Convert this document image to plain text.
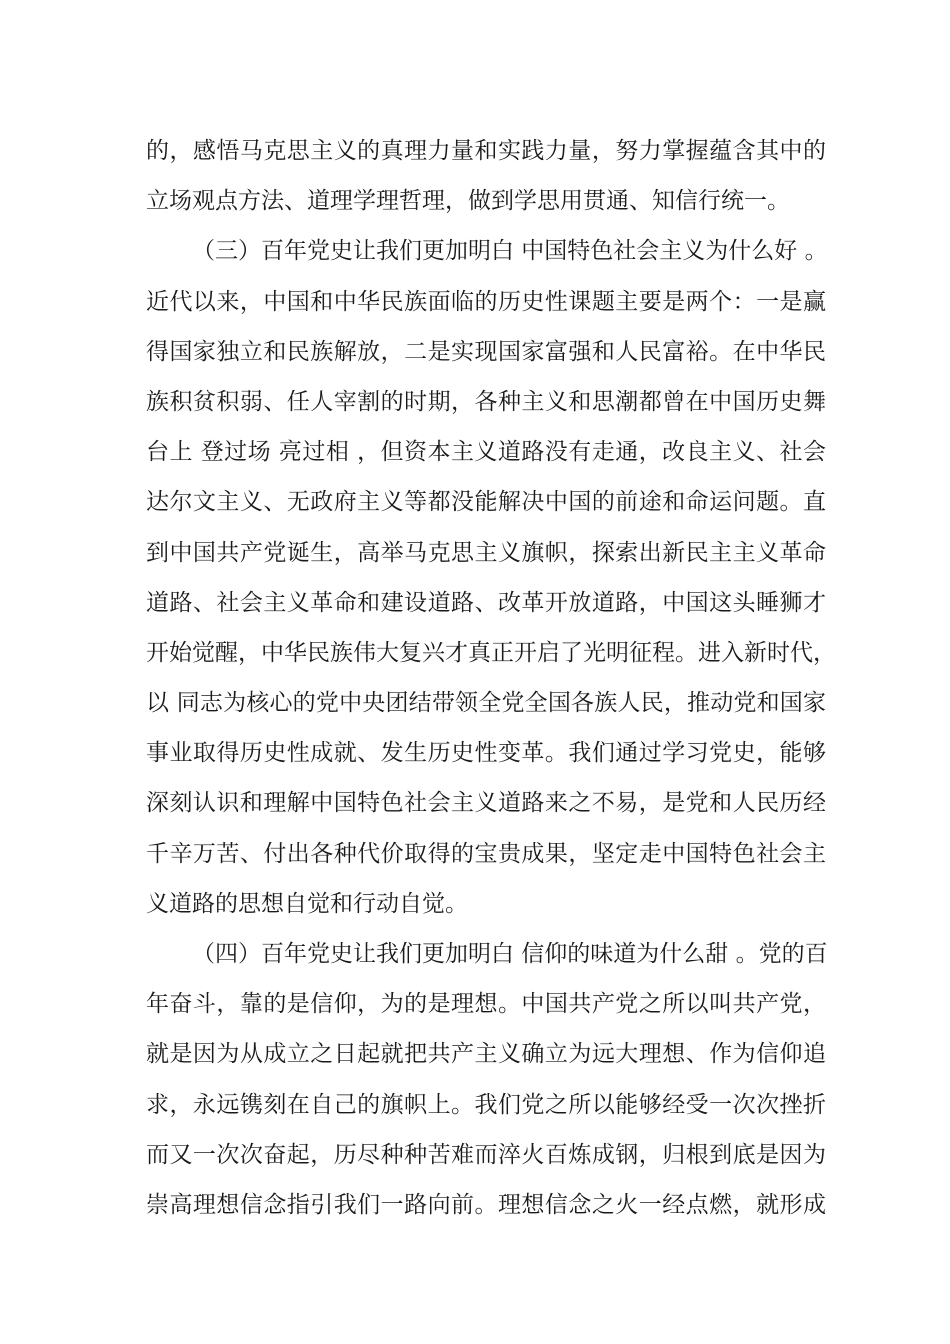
的，感悟马克思主义的真理力量和实践力量，努力掌握蕴含其中的
立场观点方法、道理学理哲理，做到学思用贯通、知信行统一。
（三）百年党史让我们更加明白 中国特色社会主义为什么好 。
近代以来，中国和中华民族面临的历史性课题主要是两个：一是赢
得国家独立和民族解放，二是实现国家富强和人民富裕。在中华民
族积贫积弱、任人宰割的时期，各种主义和思潮都曾在中国历史舞
台上 登过场 亮过相 ，但资本主义道路没有走通，改良主义、社会
达尔文主义、无政府主义等都没能解决中国的前途和命运问题。直
到中国共产党诞生，高举马克思主义旗帜，探索出新民主主义革命
道路、社会主义革命和建设道路、改革开放道路，中国这头睡狮才
开始觉醒，中华民族伟大复兴才真正开启了光明征程。进入新时代，
以 同志为核心的党中央团结带领全党全国各族人民，推动党和国家
事业取得历史性成就、发生历史性变革。我们通过学习党史，能够
深刻认识和理解中国特色社会主义道路来之不易，是党和人民历经
千辛万苦、付出各种代价取得的宝贵成果，坚定走中国特色社会主
义道路的思想自觉和行动自觉。
（四）百年党史让我们更加明白 信仰的味道为什么甜 。党的百
年奋斗，靠的是信仰，为的是理想。中国共产党之所以叫共产党，
就是因为从成立之日起就把共产主义确立为远大理想、作为信仰追
求，永远镌刻在自己的旗帜上。我们党之所以能够经受一次次挫折
而又一次次奋起，历尽种种苦难而淬火百炼成钢，归根到底是因为
崇高理想信念指引我们一路向前。理想信念之火一经点燃，就形成
